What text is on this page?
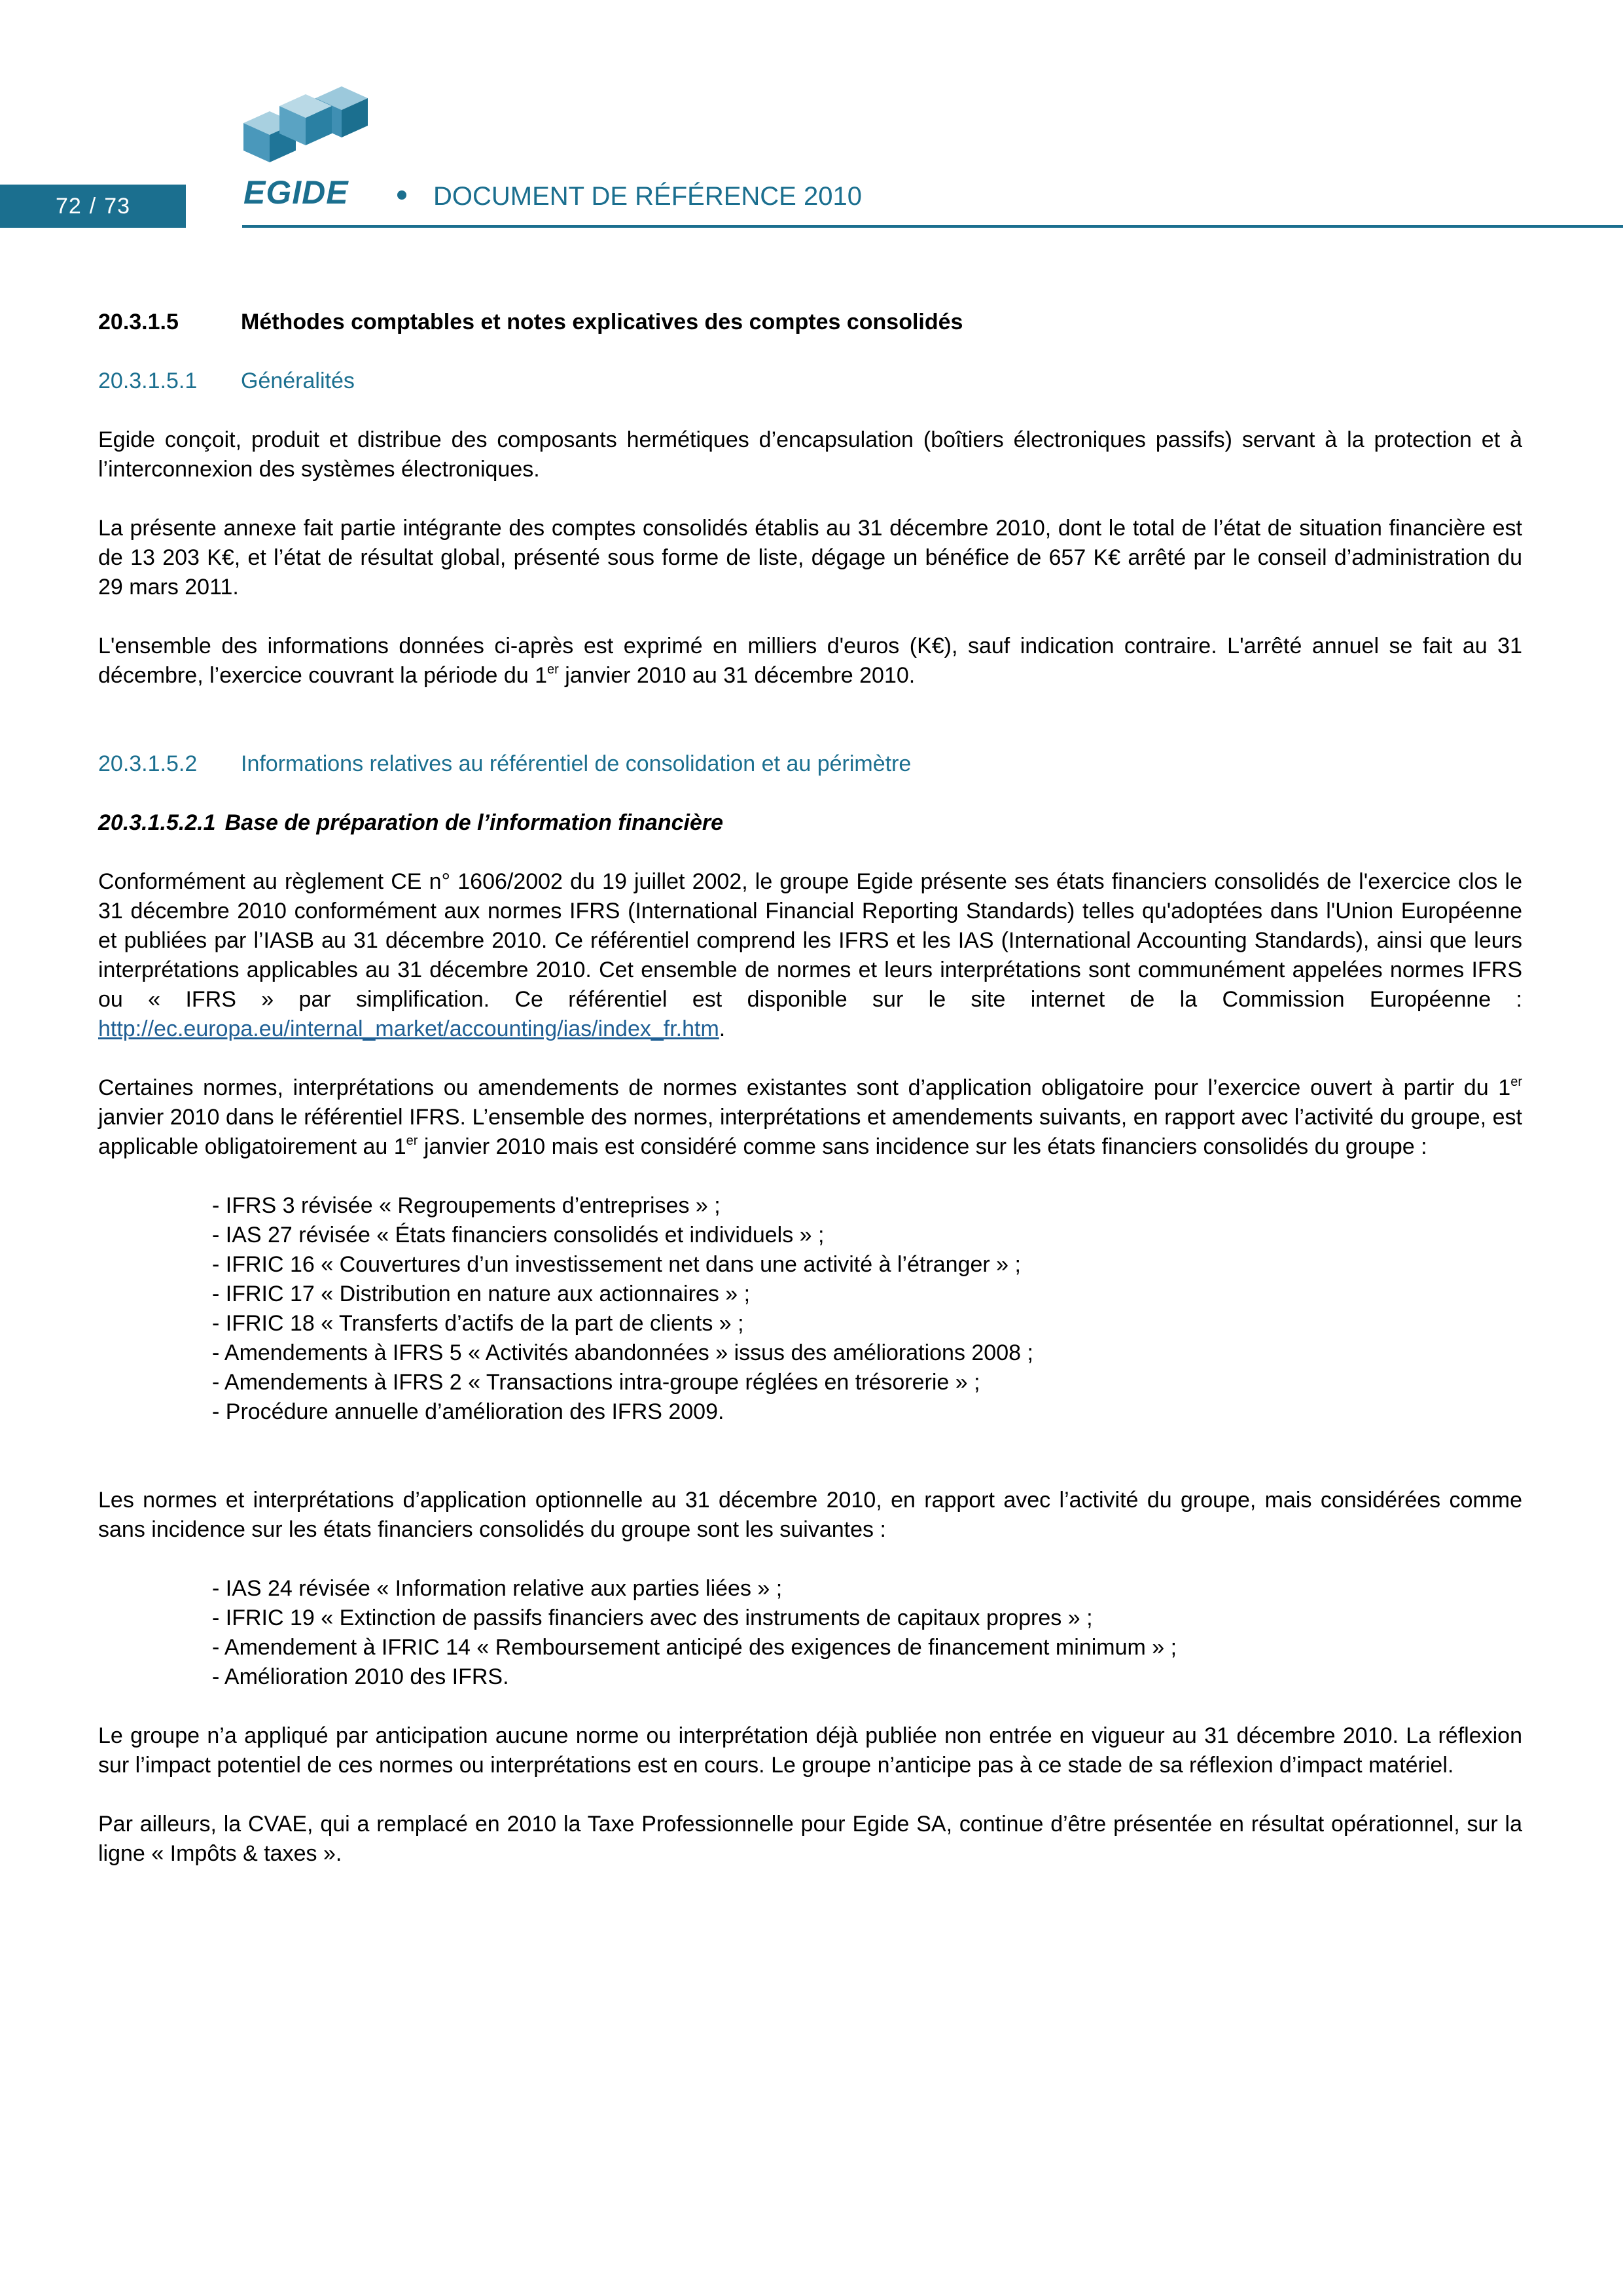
72 / 73	EGIDE	DOCUMENT DE RÉFÉRENCE 2010
20.3.1.5	Méthodes comptables et notes explicatives des comptes consolidés
20.3.1.5.1	Généralités

Egide conçoit, produit et distribue des composants hermétiques d’encapsulation (boîtiers électroniques passifs) servant à la protection et à l’interconnexion des systèmes électroniques.

La présente annexe fait partie intégrante des comptes consolidés établis au 31 décembre 2010, dont le total de l’état de situation financière est de 13 203 K€, et l’état de résultat global, présenté sous forme de liste, dégage un bénéfice de 657 K€ arrêté par le conseil d’administration du 29 mars 2011.

L'ensemble des informations données ci-après est exprimé en milliers d'euros (K€), sauf indication contraire. L'arrêté annuel se fait au 31 décembre, l’exercice couvrant la période du 1er janvier 2010 au 31 décembre 2010.

20.3.1.5.2	Informations relatives au référentiel de consolidation et au périmètre

20.3.1.5.2.1 Base de préparation de l’information financière

Conformément au règlement CE n° 1606/2002 du 19 juillet 2002, le groupe Egide présente ses états financiers consolidés de l'exercice clos le 31 décembre 2010 conformément aux normes IFRS (International Financial Reporting Standards) telles qu'adoptées dans l'Union Européenne et publiées par l’IASB au 31 décembre 2010. Ce référentiel comprend les IFRS et les IAS (International Accounting Standards), ainsi que leurs interprétations applicables au 31 décembre 2010. Cet ensemble de normes et leurs interprétations sont communément appelées normes IFRS ou « IFRS » par simplification. Ce référentiel est disponible sur le site internet de la Commission Européenne : http://ec.europa.eu/internal_market/accounting/ias/index_fr.htm.

Certaines normes, interprétations ou amendements de normes existantes sont d’application obligatoire pour l’exercice ouvert à partir du 1er janvier 2010 dans le référentiel IFRS. L’ensemble des normes, interprétations et amendements suivants, en rapport avec l’activité du groupe, est applicable obligatoirement au 1er janvier 2010 mais est considéré comme sans incidence sur les états financiers consolidés du groupe :

- IFRS 3 révisée « Regroupements d’entreprises » ;
- IAS 27 révisée « États financiers consolidés et individuels » ;
- IFRIC 16 « Couvertures d’un investissement net dans une activité à l’étranger » ;
- IFRIC 17 « Distribution en nature aux actionnaires » ;
- IFRIC 18 « Transferts d’actifs de la part de clients » ;
- Amendements à IFRS 5 « Activités abandonnées » issus des améliorations 2008 ;
- Amendements à IFRS 2 « Transactions intra-groupe réglées en trésorerie » ;
- Procédure annuelle d’amélioration des IFRS 2009.

Les normes et interprétations d’application optionnelle au 31 décembre 2010, en rapport avec l’activité du groupe, mais considérées comme sans incidence sur les états financiers consolidés du groupe sont les suivantes :

- IAS 24 révisée « Information relative aux parties liées » ;
- IFRIC 19 « Extinction de passifs financiers avec des instruments de capitaux propres » ;
- Amendement à IFRIC 14 « Remboursement anticipé des exigences de financement minimum » ;
- Amélioration 2010 des IFRS.

Le groupe n’a appliqué par anticipation aucune norme ou interprétation déjà publiée non entrée en vigueur au 31 décembre 2010. La réflexion sur l’impact potentiel de ces normes ou interprétations est en cours. Le groupe n’anticipe pas à ce stade de sa réflexion d’impact matériel.

Par ailleurs, la CVAE, qui a remplacé en 2010 la Taxe Professionnelle pour Egide SA, continue d’être présentée en résultat opérationnel, sur la ligne « Impôts & taxes ».
